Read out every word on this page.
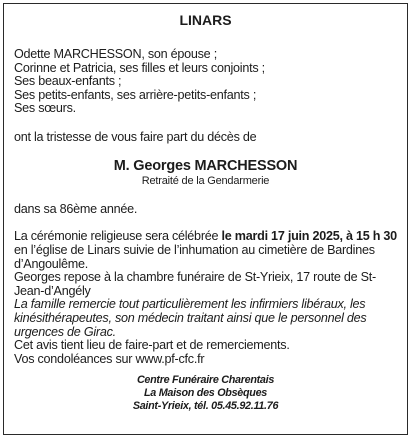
LINARS
Odette MARCHESSON, son épouse ;
Corinne et Patricia, ses filles et leurs conjoints ;
Ses beaux-enfants ;
Ses petits-enfants, ses arrière-petits-enfants ;
Ses sœurs.
ont la tristesse de vous faire part du décès de
M. Georges MARCHESSON
Retraité de la Gendarmerie
dans sa 86ème année.
La cérémonie religieuse sera célébrée le mardi 17 juin 2025, à 15 h 30 en l’église de Linars suivie de l’inhumation au cimetière de Bardines d’Angoulême.
Georges repose à la chambre funéraire de St-Yrieix, 17 route de St-Jean-d’Angély
La famille remercie tout particulièrement les infirmiers libéraux, les kinésithérapeutes, son médecin traitant ainsi que le personnel des urgences de Girac.
Cet avis tient lieu de faire-part et de remerciements.
Vos condoléances sur www.pf-cfc.fr
Centre Funéraire Charentais
La Maison des Obsèques
Saint-Yrieix, tél. 05.45.92.11.76
